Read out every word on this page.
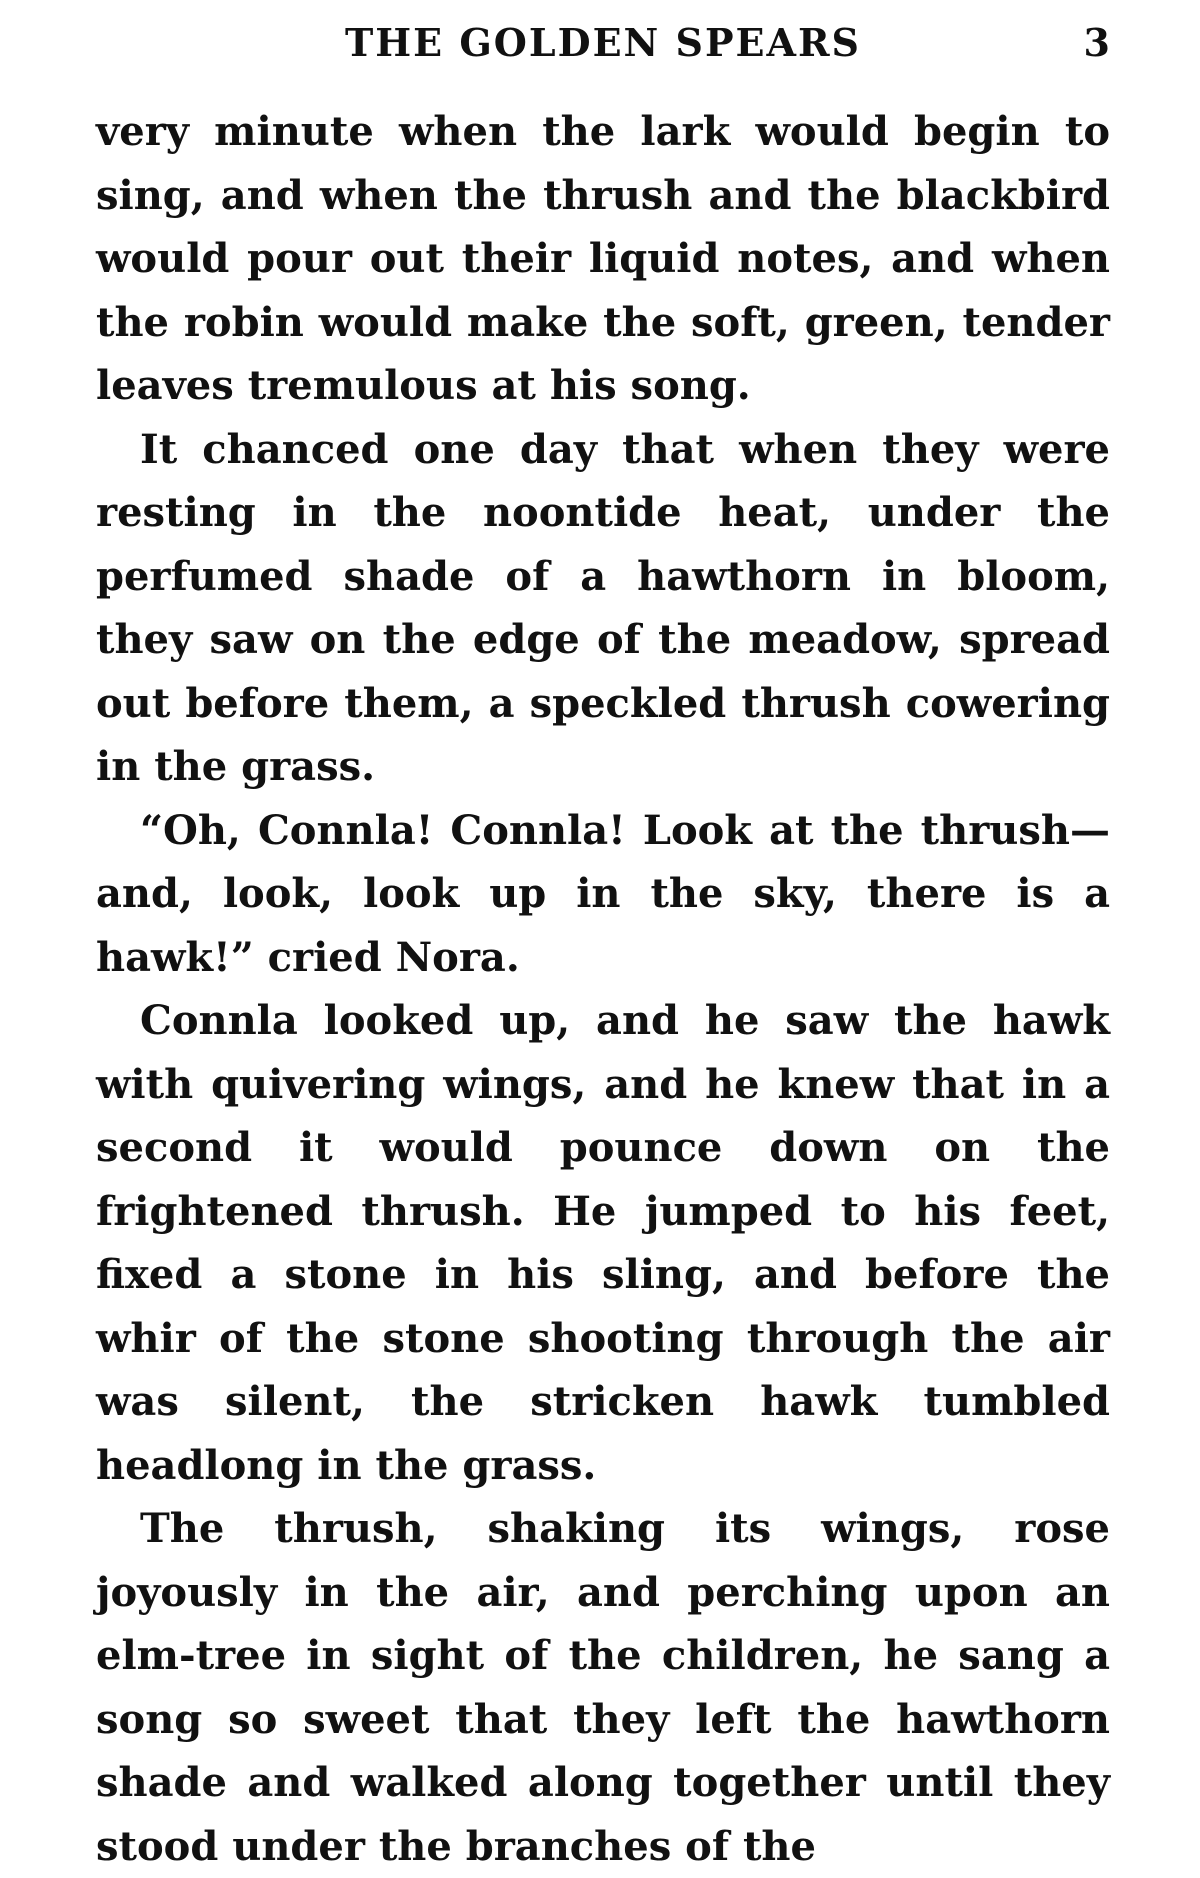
THE GOLDEN SPEARS	3

very minute when the lark would begin to sing, and when the thrush and the blackbird would pour out their liquid notes, and when the robin would make the soft, green, tender leaves tremulous at his song.

It chanced one day that when they were resting in the noontide heat, under the perfumed shade of a hawthorn in bloom, they saw on the edge of the meadow, spread out before them, a speckled thrush cowering in the grass.

“Oh, Connla! Connla! Look at the thrush— and, look, look up in the sky, there is a hawk!” cried Nora.

Connla looked up, and he saw the hawk with quivering wings, and he knew that in a second it would pounce down on the frightened thrush. He jumped to his feet, fixed a stone in his sling, and before the whir of the stone shooting through the air was silent, the stricken hawk tumbled headlong in the grass.

The thrush, shaking its wings, rose joyously in the air, and perching upon an elm-tree in sight of the children, he sang a song so sweet that they left the hawthorn shade and walked along together until they stood under the branches of the
